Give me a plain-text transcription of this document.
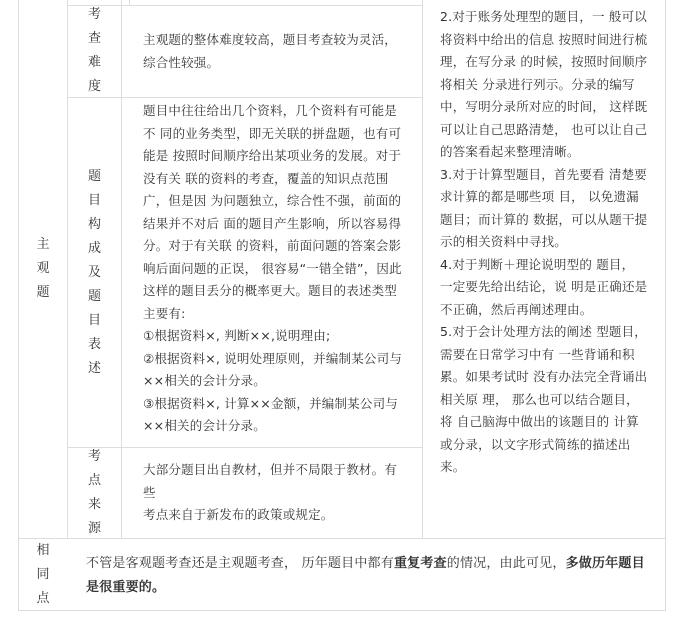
主
观
题
考
查
难
度

主观题的整体难度较高，题目考查较为灵活，综合性较强。

题
目
构
成
及
题
目
表
述

题目中往往给出几个资料，几个资料有可能是不 同的业务类型，即无关联的拼盘题，也有可能是 按照时间顺序给出某项业务的发展。对于没有关 联的资料的考查，覆盖的知识点范围广，但是因 为问题独立，综合性不强，前面的结果并不对后 面的题目产生影响，所以容易得分。对于有关联 的资料，前面问题的答案会影响后面问题的正误， 很容易“一错全错”，因此这样的题目丢分的概率更大。题目的表述类型主要有:

①根据资料×, 判断××,说明理由;

②根据资料×, 说明处理原则，并编制某公司与××相关的会计分录。

③根据资料×, 计算××金额，并编制某公司与××相关的会计分录。

考
点
来
源

大部分题目出自教材，但并不局限于教材。有些

考点来自于新发布的政策或规定。

2.对于账务处理型的题目，一 般可以将资料中给出的信息 按照时间进行梳理，在写分录 的时候，按照时间顺序将相关 分录进行列示。分录的编写 中，写明分录所对应的时间， 这样既可以让自己思路清楚， 也可以让自己的答案看起来整理清晰。

3.对于计算型题目，首先要看 清楚要求计算的都是哪些项 目， 以免遗漏题目；而计算的 数据，可以从题干提示的相关资料中寻找。

4.对于判断＋理论说明型的 题目， 一定要先给出结论，说 明是正确还是不正确，然后再阐述理由。

5.对于会计处理方法的阐述 型题目，需要在日常学习中有 一些背诵和积累。如果考试时 没有办法完全背诵出相关原 理， 那么也可以结合题目，将 自己脑海中做出的该题目的 计算或分录，以文字形式简练的描述出来。

相
同
点
不管是客观题考查还是主观题考查， 历年题目中都有重复考查的情况，由此可见，多做历年题目是很重要的。
